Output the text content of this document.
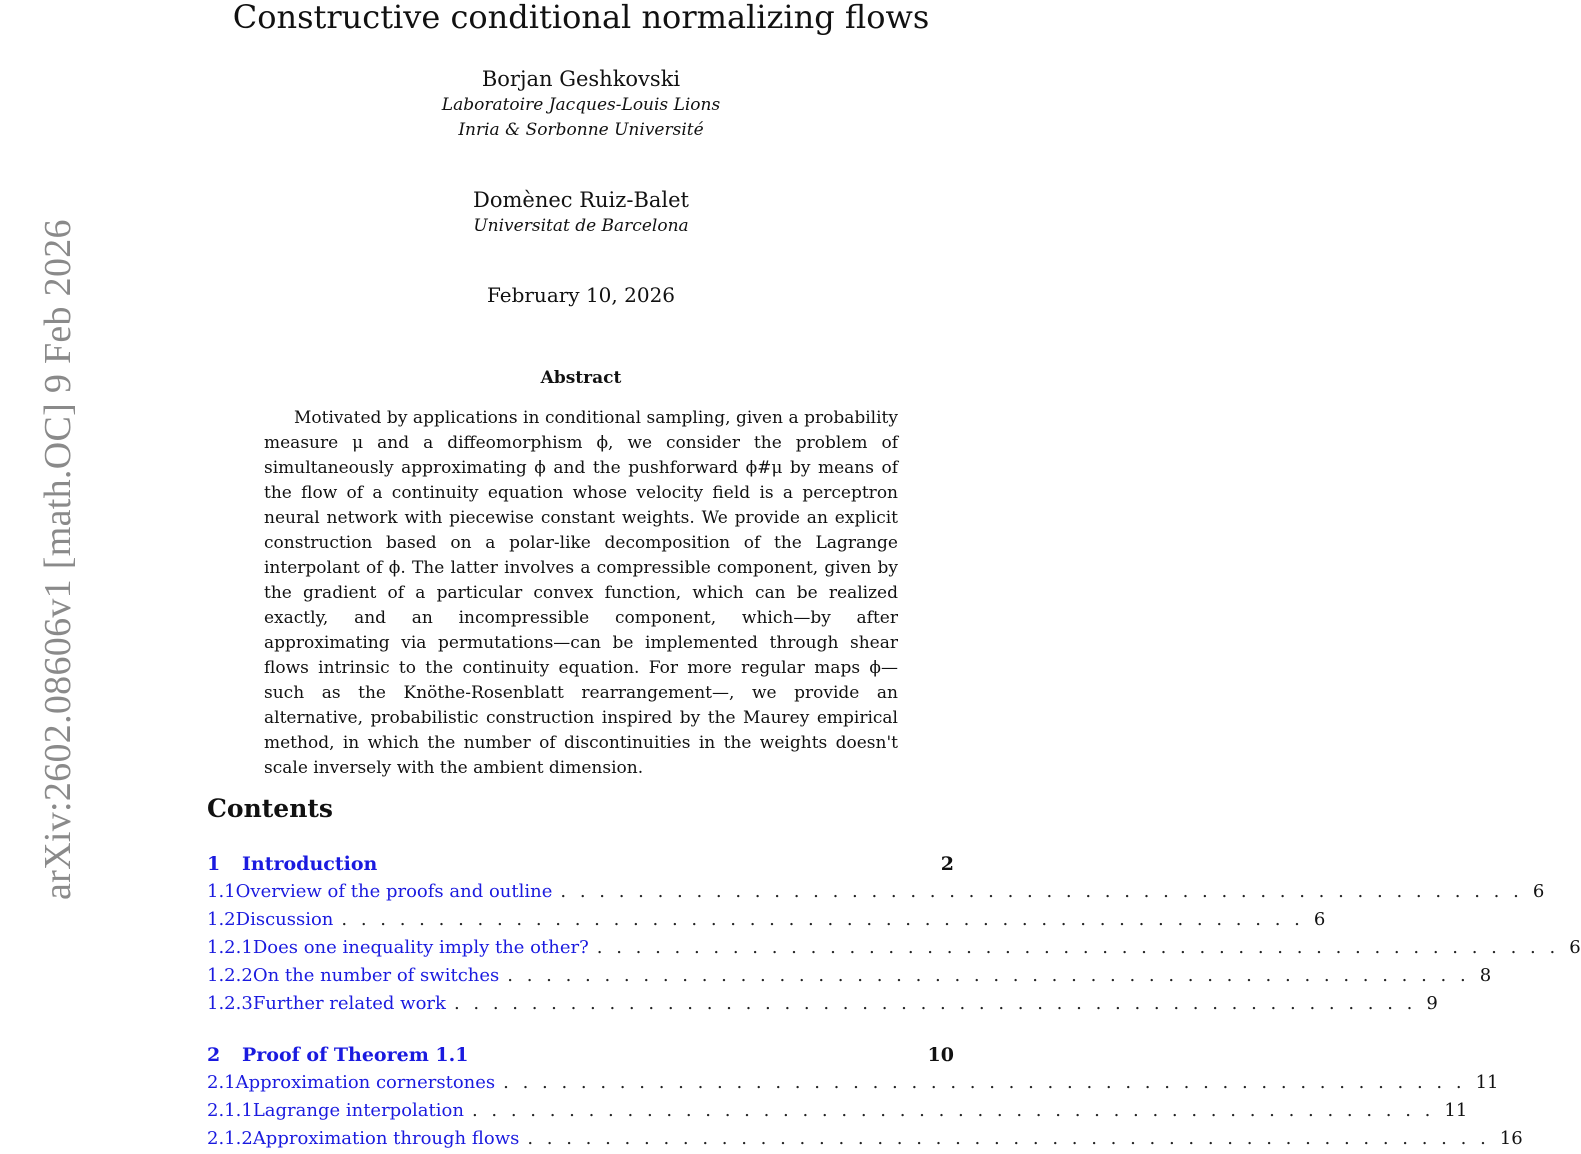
arXiv:2602.08606v1 [math.OC] 9 Feb 2026
Constructive conditional normalizing flows
Borjan Geshkovski
Laboratoire Jacques-Louis Lions
Inria & Sorbonne Université
Domènec Ruiz-Balet
Universitat de Barcelona
February 10, 2026
Abstract
Motivated by applications in conditional sampling, given a probability measure μ and a diffeomorphism ϕ, we consider the problem of simultaneously approximating ϕ and the pushforward ϕ#μ by means of the flow of a continuity equation whose velocity field is a perceptron neural network with piecewise constant weights. We provide an explicit construction based on a polar-like decomposition of the Lagrange interpolant of ϕ. The latter involves a compressible component, given by the gradient of a particular convex function, which can be realized exactly, and an incompressible component, which—by after approximating via permutations—can be implemented through shear flows intrinsic to the continuity equation. For more regular maps ϕ—such as the Knöthe-Rosenblatt rearrangement—, we provide an alternative, probabilistic construction inspired by the Maurey empirical method, in which the number of discontinuities in the weights doesn't scale inversely with the ambient dimension.
Contents
1	Introduction	2
1.1 Overview of the proofs and outline . . . . . . . . . . . . . . . . . . . . . . . . . . . . . . . . . . . . . . . . . . . . . . . . . . 6
1.2 Discussion . . . . . . . . . . . . . . . . . . . . . . . . . . . . . . . . . . . . . . . . . . . . . . . . . . 6
1.2.1 Does one inequality imply the other? . . . . . . . . . . . . . . . . . . . . . . . . . . . . . . . . . . . . . . . . . . . . . . . . . . 6
1.2.2 On the number of switches . . . . . . . . . . . . . . . . . . . . . . . . . . . . . . . . . . . . . . . . . . . . . . . . . . 8
1.2.3 Further related work . . . . . . . . . . . . . . . . . . . . . . . . . . . . . . . . . . . . . . . . . . . . . . . . . . 9
2	Proof of Theorem 1.1	10
2.1 Approximation cornerstones . . . . . . . . . . . . . . . . . . . . . . . . . . . . . . . . . . . . . . . . . . . . . . . . . . 11
2.1.1 Lagrange interpolation . . . . . . . . . . . . . . . . . . . . . . . . . . . . . . . . . . . . . . . . . . . . . . . . . . 11
2.1.2 Approximation through flows . . . . . . . . . . . . . . . . . . . . . . . . . . . . . . . . . . . . . . . . . . . . . . . . . . 16
